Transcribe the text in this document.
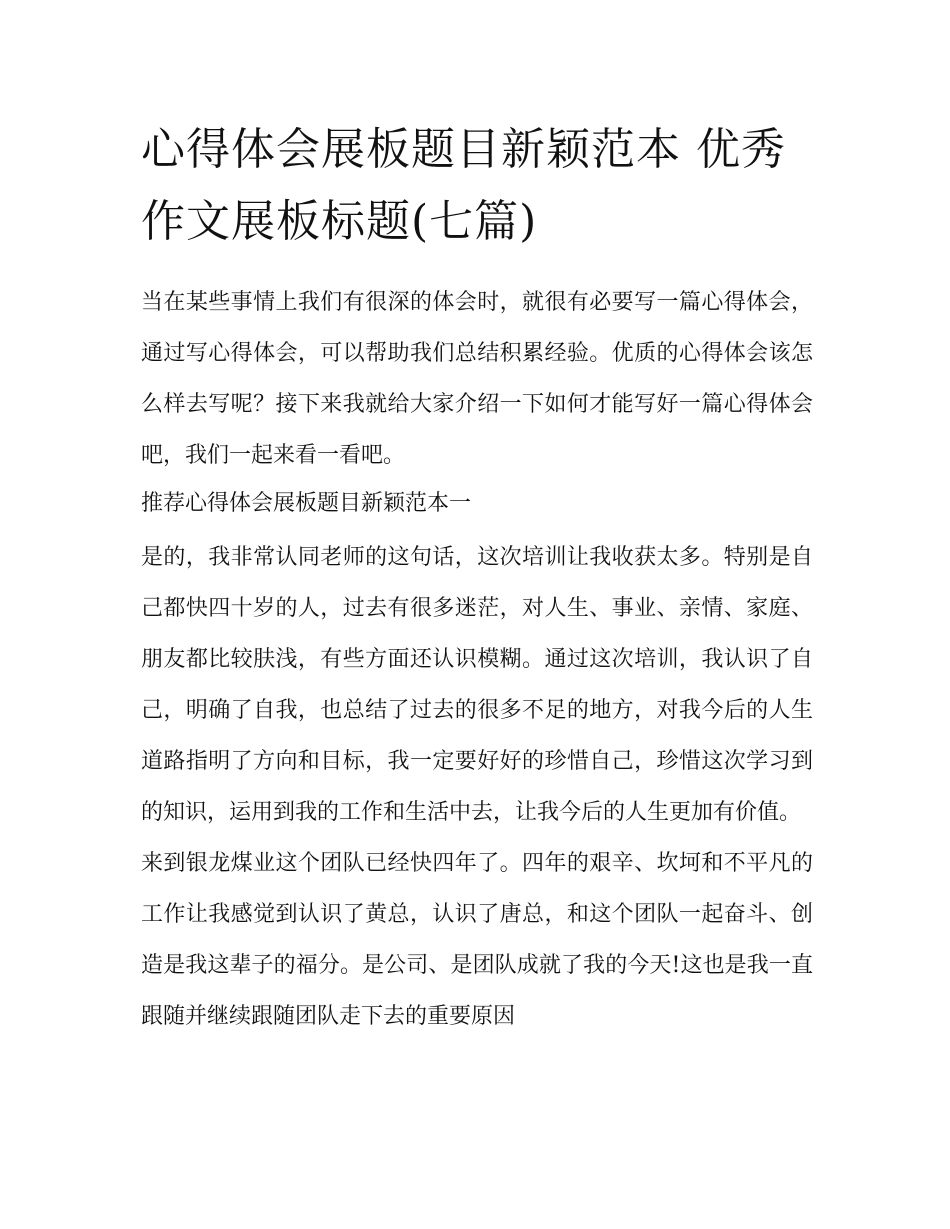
心得体会展板题目新颖范本 优秀作文展板标题(七篇)

当在某些事情上我们有很深的体会时，就很有必要写一篇心得体会，通过写心得体会，可以帮助我们总结积累经验。优质的心得体会该怎么样去写呢？接下来我就给大家介绍一下如何才能写好一篇心得体会吧，我们一起来看一看吧。

推荐心得体会展板题目新颖范本一

是的，我非常认同老师的这句话，这次培训让我收获太多。特别是自己都快四十岁的人，过去有很多迷茫，对人生、事业、亲情、家庭、朋友都比较肤浅，有些方面还认识模糊。通过这次培训，我认识了自己，明确了自我，也总结了过去的很多不足的地方，对我今后的人生道路指明了方向和目标，我一定要好好的珍惜自己，珍惜这次学习到的知识，运用到我的工作和生活中去，让我今后的人生更加有价值。

来到银龙煤业这个团队已经快四年了。四年的艰辛、坎坷和不平凡的工作让我感觉到认识了黄总，认识了唐总，和这个团队一起奋斗、创造是我这辈子的福分。是公司、是团队成就了我的今天!这也是我一直跟随并继续跟随团队走下去的重要原因
